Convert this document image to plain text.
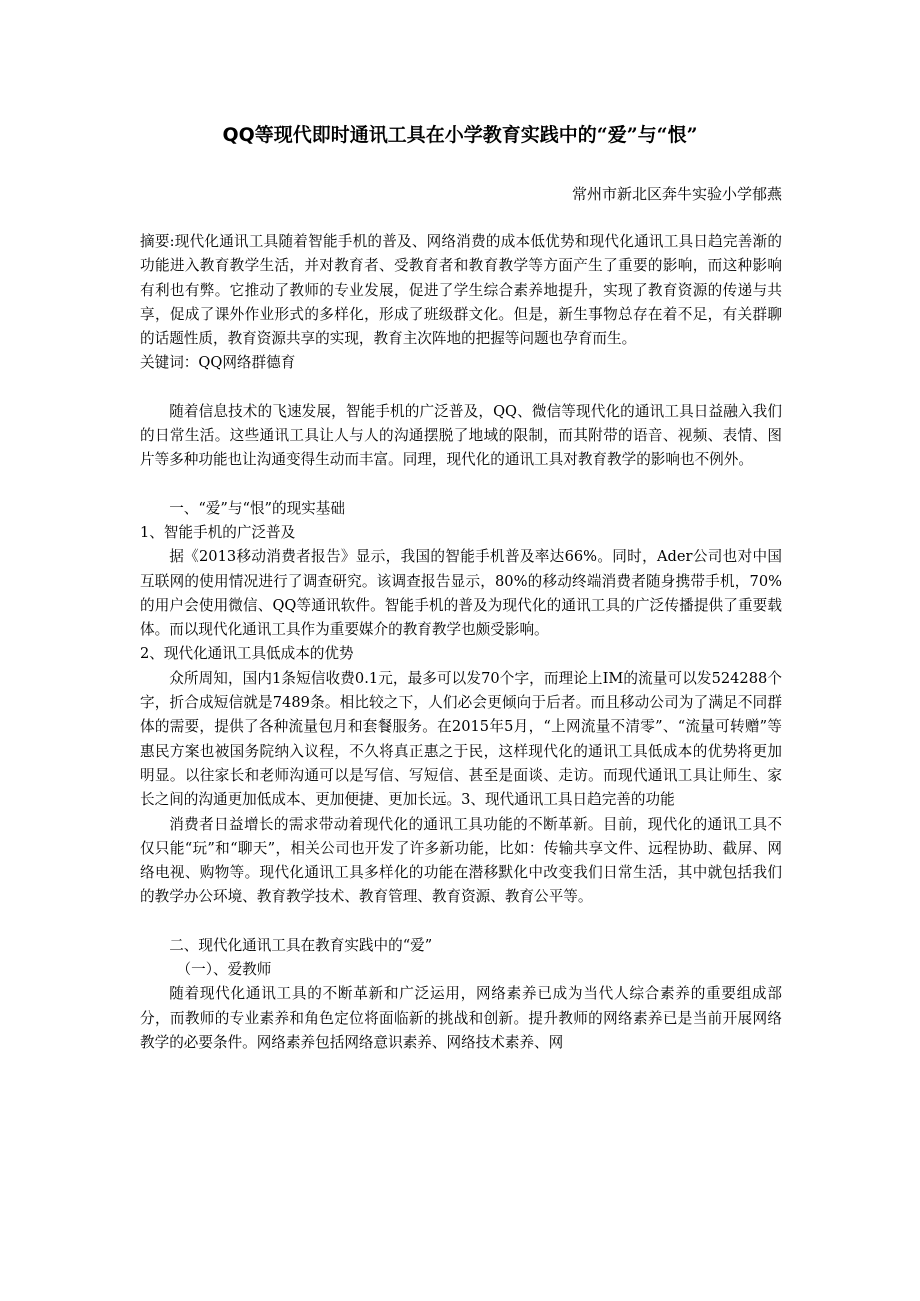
QQ等现代即时通讯工具在小学教育实践中的“爱”与“恨”
常州市新北区奔牛实验小学郁燕

摘要:现代化通讯工具随着智能手机的普及、网络消费的成本低优势和现代化通讯工具日趋完善渐的功能进入教育教学生活，并对教育者、受教育者和教育教学等方面产生了重要的影响，而这种影响有利也有弊。它推动了教师的专业发展，促进了学生综合素养地提升，实现了教育资源的传递与共享，促成了课外作业形式的多样化，形成了班级群文化。但是，新生事物总存在着不足，有关群聊的话题性质，教育资源共享的实现，教育主次阵地的把握等问题也孕育而生。

关键词：QQ网络群德育

随着信息技术的飞速发展，智能手机的广泛普及，QQ、微信等现代化的通讯工具日益融入我们的日常生活。这些通讯工具让人与人的沟通摆脱了地域的限制，而其附带的语音、视频、表情、图片等多种功能也让沟通变得生动而丰富。同理，现代化的通讯工具对教育教学的影响也不例外。

一、“爱”与“恨”的现实基础

1、智能手机的广泛普及

据《2013移动消费者报告》显示，我国的智能手机普及率达66%。同时，Ader公司也对中国互联网的使用情况进行了调查研究。该调查报告显示，80%的移动终端消费者随身携带手机，70%的用户会使用微信、QQ等通讯软件。智能手机的普及为现代化的通讯工具的广泛传播提供了重要载体。而以现代化通讯工具作为重要媒介的教育教学也颇受影响。

2、现代化通讯工具低成本的优势

众所周知，国内1条短信收费0.1元，最多可以发70个字，而理论上IM的流量可以发524288个字，折合成短信就是7489条。相比较之下，人们必会更倾向于后者。而且移动公司为了满足不同群体的需要，提供了各种流量包月和套餐服务。在2015年5月，“上网流量不清零”、“流量可转赠”等惠民方案也被国务院纳入议程，不久将真正惠之于民，这样现代化的通讯工具低成本的优势将更加明显。以往家长和老师沟通可以是写信、写短信、甚至是面谈、走访。而现代通讯工具让师生、家长之间的沟通更加低成本、更加便捷、更加长远。3、现代通讯工具日趋完善的功能

消费者日益增长的需求带动着现代化的通讯工具功能的不断革新。目前，现代化的通讯工具不仅只能“玩”和“聊天”，相关公司也开发了许多新功能，比如：传输共享文件、远程协助、截屏、网络电视、购物等。现代化通讯工具多样化的功能在潜移默化中改变我们日常生活，其中就包括我们的教学办公环境、教育教学技术、教育管理、教育资源、教育公平等。

二、现代化通讯工具在教育实践中的“爱”

（一）、爱教师

随着现代化通讯工具的不断革新和广泛运用，网络素养已成为当代人综合素养的重要组成部分，而教师的专业素养和角色定位将面临新的挑战和创新。提升教师的网络素养已是当前开展网络教学的必要条件。网络素养包括网络意识素养、网络技术素养、网
